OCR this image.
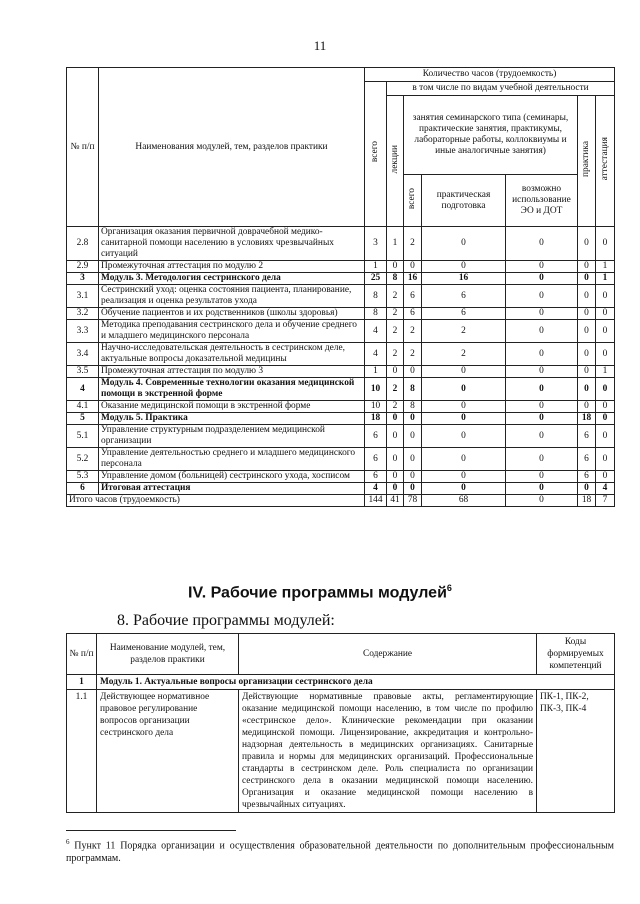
11
№ п/п	Наименования модулей, тем, разделов практики	Количество часов (трудоемкость)						
		всего	в том числе по видам учебной деятельности					
			лекции	занятия семинарского типа (семинары, практические занятия, практикумы, лабораторные работы, коллоквиумы и иные аналогичные занятия)			практика	аттестация
				всего	практическая подготовка	возможно использование ЭО и ДОТ		
2.8	Организация оказания первичной доврачебной медико-санитарной помощи населению в условиях чрезвычайных ситуаций	3	1	2	0	0	0	0
2.9	Промежуточная аттестация по модулю 2	1	0	0	0	0	0	1
3	Модуль 3. Методология сестринского дела	25	8	16	16	0	0	1
3.1	Сестринский уход: оценка состояния пациента, планирование, реализация и оценка результатов ухода	8	2	6	6	0	0	0
3.2	Обучение пациентов и их родственников (школы здоровья)	8	2	6	6	0	0	0
3.3	Методика преподавания сестринского дела и обучение среднего и младшего медицинского персонала	4	2	2	2	0	0	0
3.4	Научно-исследовательская деятельность в сестринском деле, актуальные вопросы доказательной медицины	4	2	2	2	0	0	0
3.5	Промежуточная аттестация по модулю 3	1	0	0	0	0	0	1
4	Модуль 4. Современные технологии оказания медицинской помощи в экстренной форме	10	2	8	0	0	0	0
4.1	Оказание медицинской помощи в экстренной форме	10	2	8	0	0	0	0
5	Модуль 5. Практика	18	0	0	0	0	18	0
5.1	Управление структурным подразделением медицинской организации	6	0	0	0	0	6	0
5.2	Управление деятельностью среднего и младшего медицинского персонала	6	0	0	0	0	6	0
5.3	Управление домом (больницей) сестринского ухода, хосписом	6	0	0	0	0	6	0
6	Итоговая аттестация	4	0	0	0	0	0	4
Итого часов (трудоемкость)		144	41	78	68	0	18	7
IV. Рабочие программы модулей$^6$
8. Рабочие программы модулей:
№ п/п	Наименование модулей, тем, разделов практики	Содержание	Коды формируемых компетенций
1	Модуль 1. Актуальные вопросы организации сестринского дела		
1.1	Действующее нормативное правовое регулирование вопросов организации сестринского дела	Действующие нормативные правовые акты, регламентирующие оказание медицинской помощи населению, в том числе по профилю «сестринское дело». Клинические рекомендации при оказании медицинской помощи. Лицензирование, аккредитация и контрольно-надзорная деятельность в медицинских организациях. Санитарные правила и нормы для медицинских организаций. Профессиональные стандарты в сестринском деле. Роль специалиста по организации сестринского дела в оказании медицинской помощи населению. Организация и оказание медицинской помощи населению в чрезвычайных ситуациях.	ПК-1, ПК-2, ПК-3, ПК-4
$^6$ Пункт 11 Порядка организации и осуществления образовательной деятельности по дополнительным профессиональным программам.
